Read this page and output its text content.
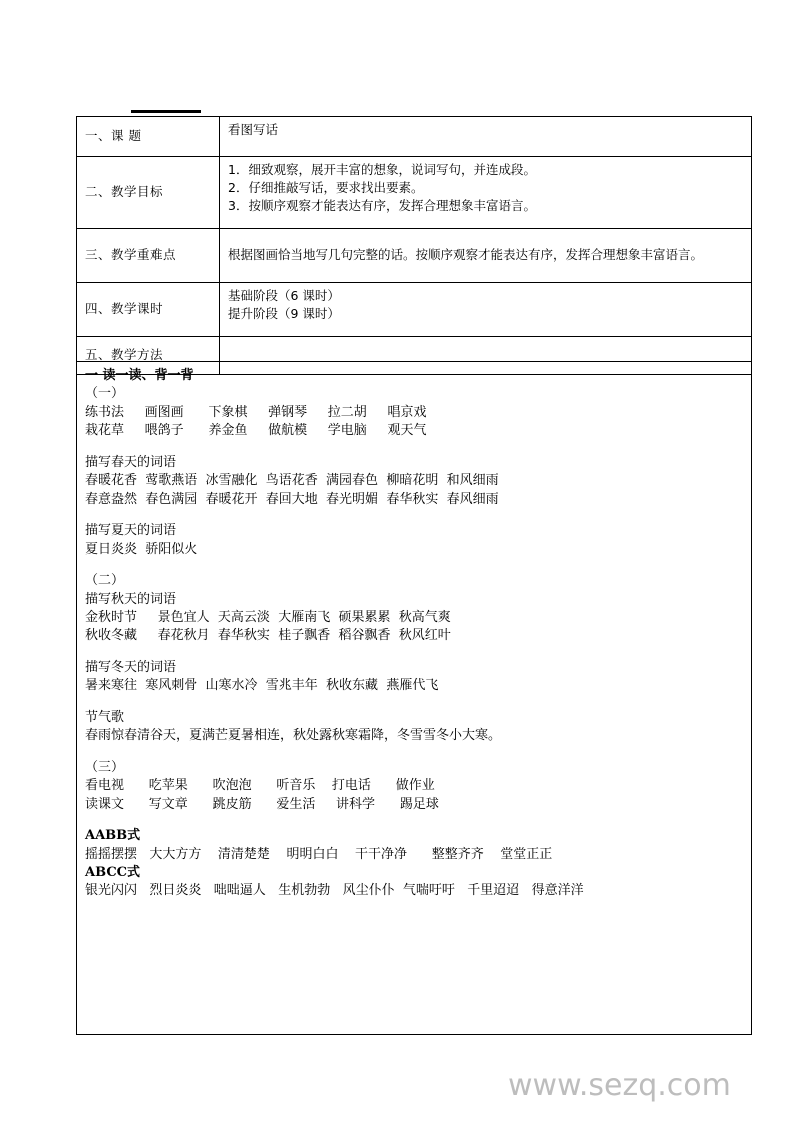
一、课 题	看图写话

二、教学目标	1．细致观察，展开丰富的想象，说词写句，并连成段。
2．仔细推敲写话，要求找出要素。
3．按顺序观察才能表达有序，发挥合理想象丰富语言。

三、教学重难点	根据图画恰当地写几句完整的话。按顺序观察才能表达有序，发挥合理想象丰富语言。

四、教学课时	基础阶段（6 课时）
提升阶段（9 课时）

五、教学方法	
一 读一读、背一背
（一）
练书法     画图画      下象棋     弹钢琴     拉二胡     唱京戏
栽花草     喂鸽子      养金鱼     做航模     学电脑     观天气
描写春天的词语
春暖花香  莺歌燕语  冰雪融化  鸟语花香  满园春色  柳暗花明  和风细雨
春意盎然  春色满园  春暖花开  春回大地  春光明媚  春华秋实  春风细雨
描写夏天的词语
夏日炎炎  骄阳似火
（二）
描写秋天的词语
金秋时节     景色宜人  天高云淡  大雁南飞  硕果累累  秋高气爽
秋收冬藏     春花秋月  春华秋实  桂子飘香  稻谷飘香  秋风红叶
描写冬天的词语
暑来寒往  寒风刺骨  山寒水冷  雪兆丰年  秋收东藏  燕雁代飞
节气歌
春雨惊春清谷天，夏满芒夏暑相连，秋处露秋寒霜降，冬雪雪冬小大寒。
（三）
看电视      吃苹果      吹泡泡      听音乐    打电话      做作业
读课文      写文章      跳皮筋      爱生活     讲科学      踢足球
AABB式
摇摇摆摆   大大方方    清清楚楚    明明白白    干干净净      整整齐齐    堂堂正正
ABCC式
银光闪闪   烈日炎炎   咄咄逼人   生机勃勃   风尘仆仆  气喘吁吁   千里迢迢   得意洋洋
www.sezq.com
